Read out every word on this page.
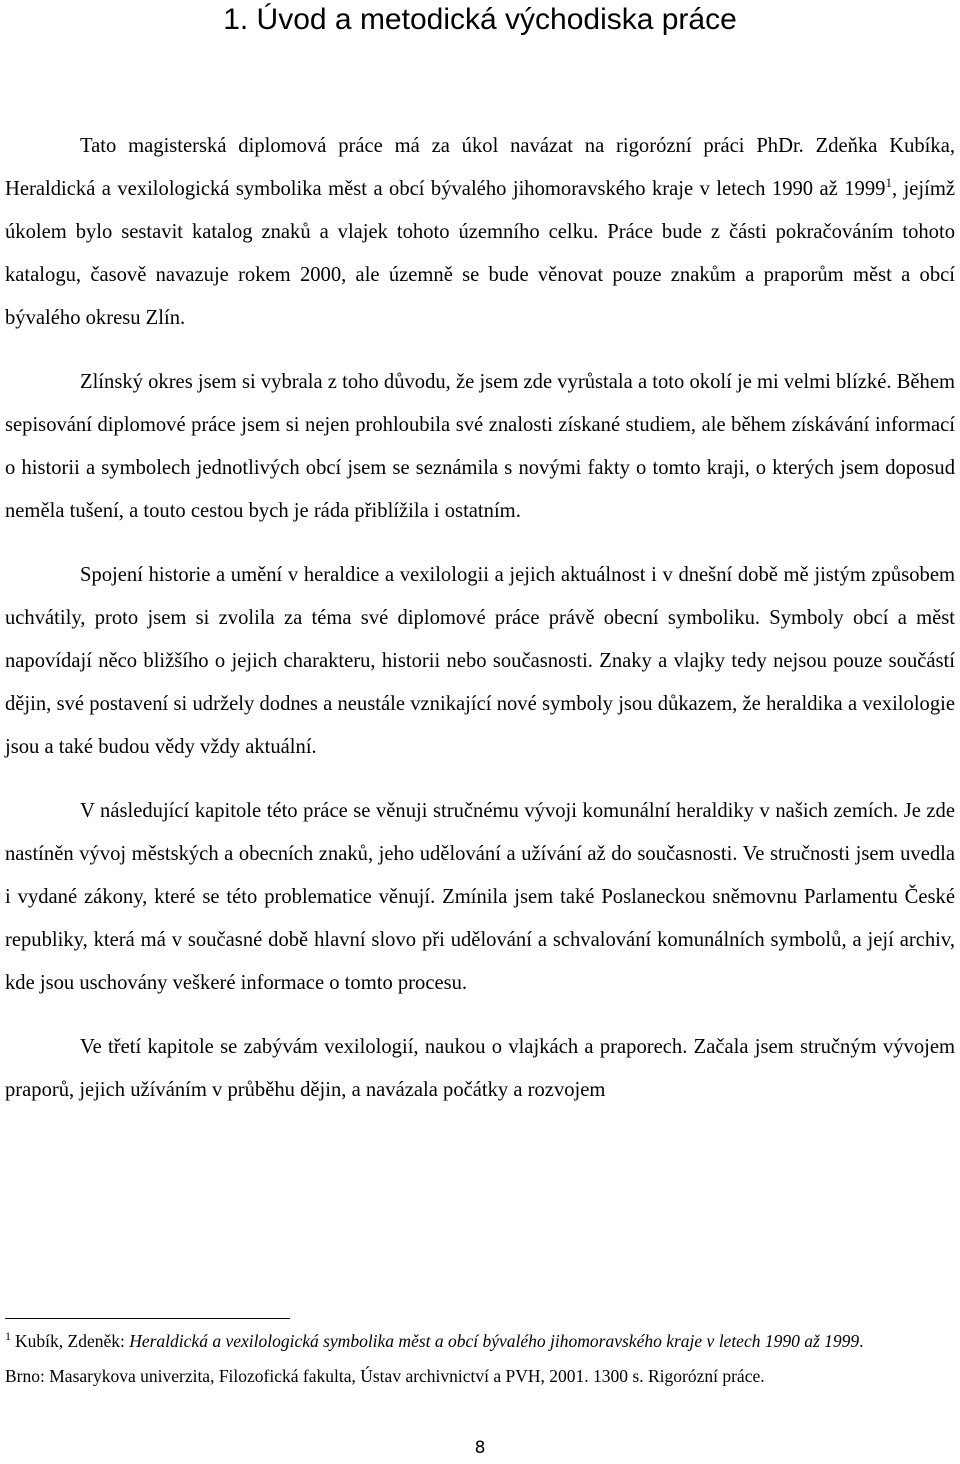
1. Úvod a metodická východiska práce

Tato magisterská diplomová práce má za úkol navázat na rigorózní práci PhDr. Zdeňka Kubíka, Heraldická a vexilologická symbolika měst a obcí bývalého jihomoravského kraje v letech 1990 až 1999$^1$, jejímž úkolem bylo sestavit katalog znaků a vlajek tohoto územního celku. Práce bude z části pokračováním tohoto katalogu, časově navazuje rokem 2000, ale územně se bude věnovat pouze znakům a praporům měst a obcí bývalého okresu Zlín.

Zlínský okres jsem si vybrala z toho důvodu, že jsem zde vyrůstala a toto okolí je mi velmi blízké. Během sepisování diplomové práce jsem si nejen prohloubila své znalosti získané studiem, ale během získávání informací o historii a symbolech jednotlivých obcí jsem se seznámila s novými fakty o tomto kraji, o kterých jsem doposud neměla tušení, a touto cestou bych je ráda přiblížila i ostatním.

Spojení historie a umění v heraldice a vexilologii a jejich aktuálnost i v dnešní době mě jistým způsobem uchvátily, proto jsem si zvolila za téma své diplomové práce právě obecní symboliku. Symboly obcí a měst napovídají něco bližšího o jejich charakteru, historii nebo současnosti. Znaky a vlajky tedy nejsou pouze součástí dějin, své postavení si udržely dodnes a neustále vznikající nové symboly jsou důkazem, že heraldika a vexilologie jsou a také budou vědy vždy aktuální.

V následující kapitole této práce se věnuji stručnému vývoji komunální heraldiky v našich zemích. Je zde nastíněn vývoj městských a obecních znaků, jeho udělování a užívání až do současnosti. Ve stručnosti jsem uvedla i vydané zákony, které se této problematice věnují. Zmínila jsem také Poslaneckou sněmovnu Parlamentu České republiky, která má v současné době hlavní slovo při udělování a schvalování komunálních symbolů, a její archiv, kde jsou uschovány veškeré informace o tomto procesu.

Ve třetí kapitole se zabývám vexilologií, naukou o vlajkách a praporech. Začala jsem stručným vývojem praporů, jejich užíváním v průběhu dějin, a navázala počátky a rozvojem

$^1$ Kubík, Zdeněk: Heraldická a vexilologická symbolika měst a obcí bývalého jihomoravského kraje v letech 1990 až 1999. Brno: Masarykova univerzita, Filozofická fakulta, Ústav archivnictví a PVH, 2001. 1300 s. Rigorózní práce.
8
